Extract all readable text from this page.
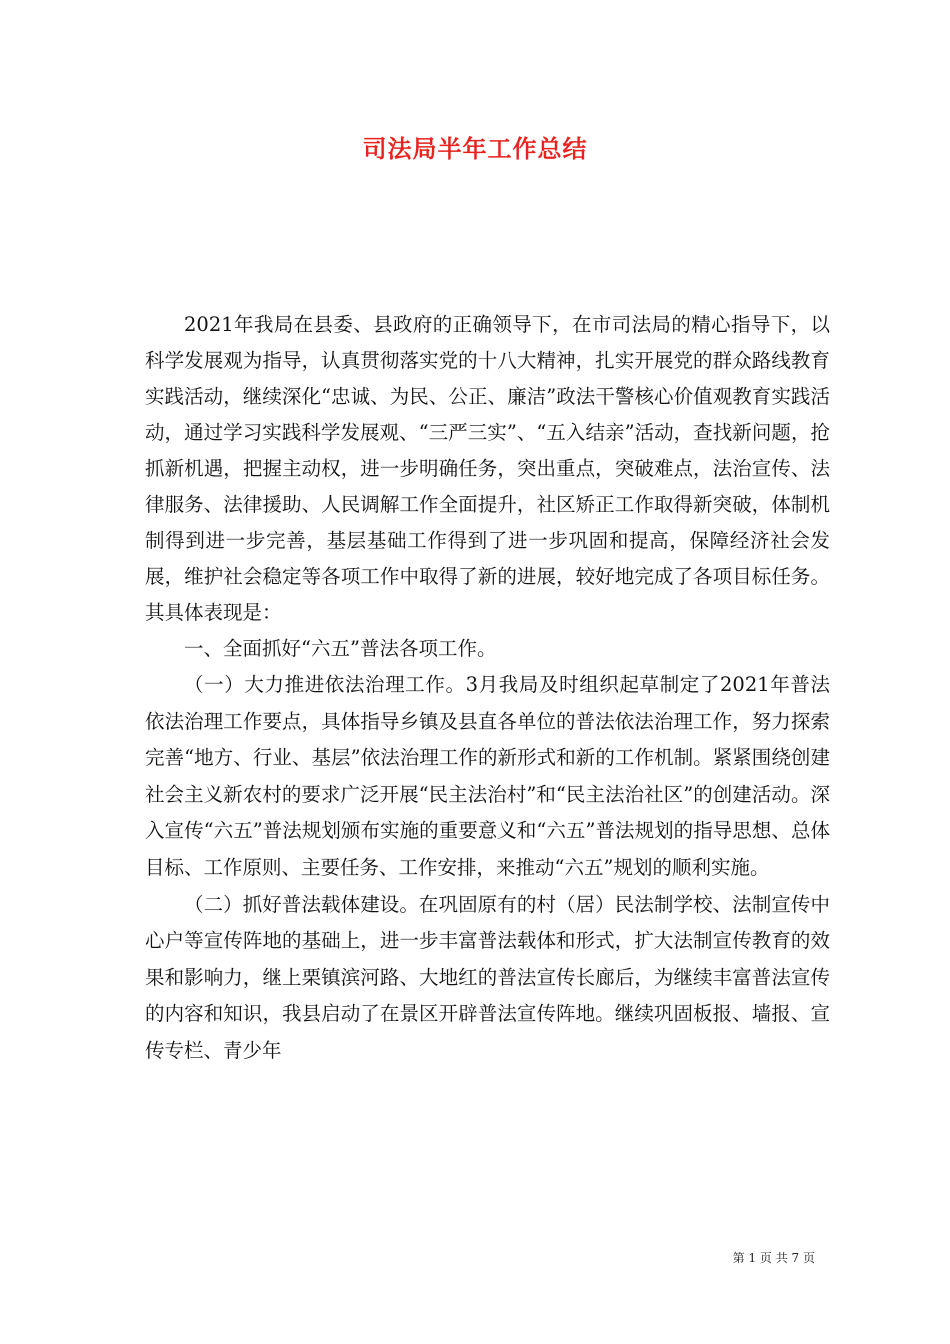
司法局半年工作总结

2021年我局在县委、县政府的正确领导下，在市司法局的精心指导下，以科学发展观为指导，认真贯彻落实党的十八大精神，扎实开展党的群众路线教育实践活动，继续深化“忠诚、为民、公正、廉洁”政法干警核心价值观教育实践活动，通过学习实践科学发展观、“三严三实”、“五入结亲”活动，查找新问题，抢抓新机遇，把握主动权，进一步明确任务，突出重点，突破难点，法治宣传、法律服务、法律援助、人民调解工作全面提升，社区矫正工作取得新突破，体制机制得到进一步完善，基层基础工作得到了进一步巩固和提高，保障经济社会发展，维护社会稳定等各项工作中取得了新的进展，较好地完成了各项目标任务。其具体表现是：

一、全面抓好“六五”普法各项工作。

（一）大力推进依法治理工作。3月我局及时组织起草制定了2021年普法依法治理工作要点，具体指导乡镇及县直各单位的普法依法治理工作，努力探索完善“地方、行业、基层”依法治理工作的新形式和新的工作机制。紧紧围绕创建社会主义新农村的要求广泛开展“民主法治村”和“民主法治社区”的创建活动。深入宣传“六五”普法规划颁布实施的重要意义和“六五”普法规划的指导思想、总体目标、工作原则、主要任务、工作安排，来推动“六五”规划的顺利实施。

（二）抓好普法载体建设。在巩固原有的村（居）民法制学校、法制宣传中心户等宣传阵地的基础上，进一步丰富普法载体和形式，扩大法制宣传教育的效果和影响力，继上栗镇滨河路、大地红的普法宣传长廊后，为继续丰富普法宣传的内容和知识，我县启动了在景区开辟普法宣传阵地。继续巩固板报、墙报、宣传专栏、青少年

第 1 页 共 7 页
